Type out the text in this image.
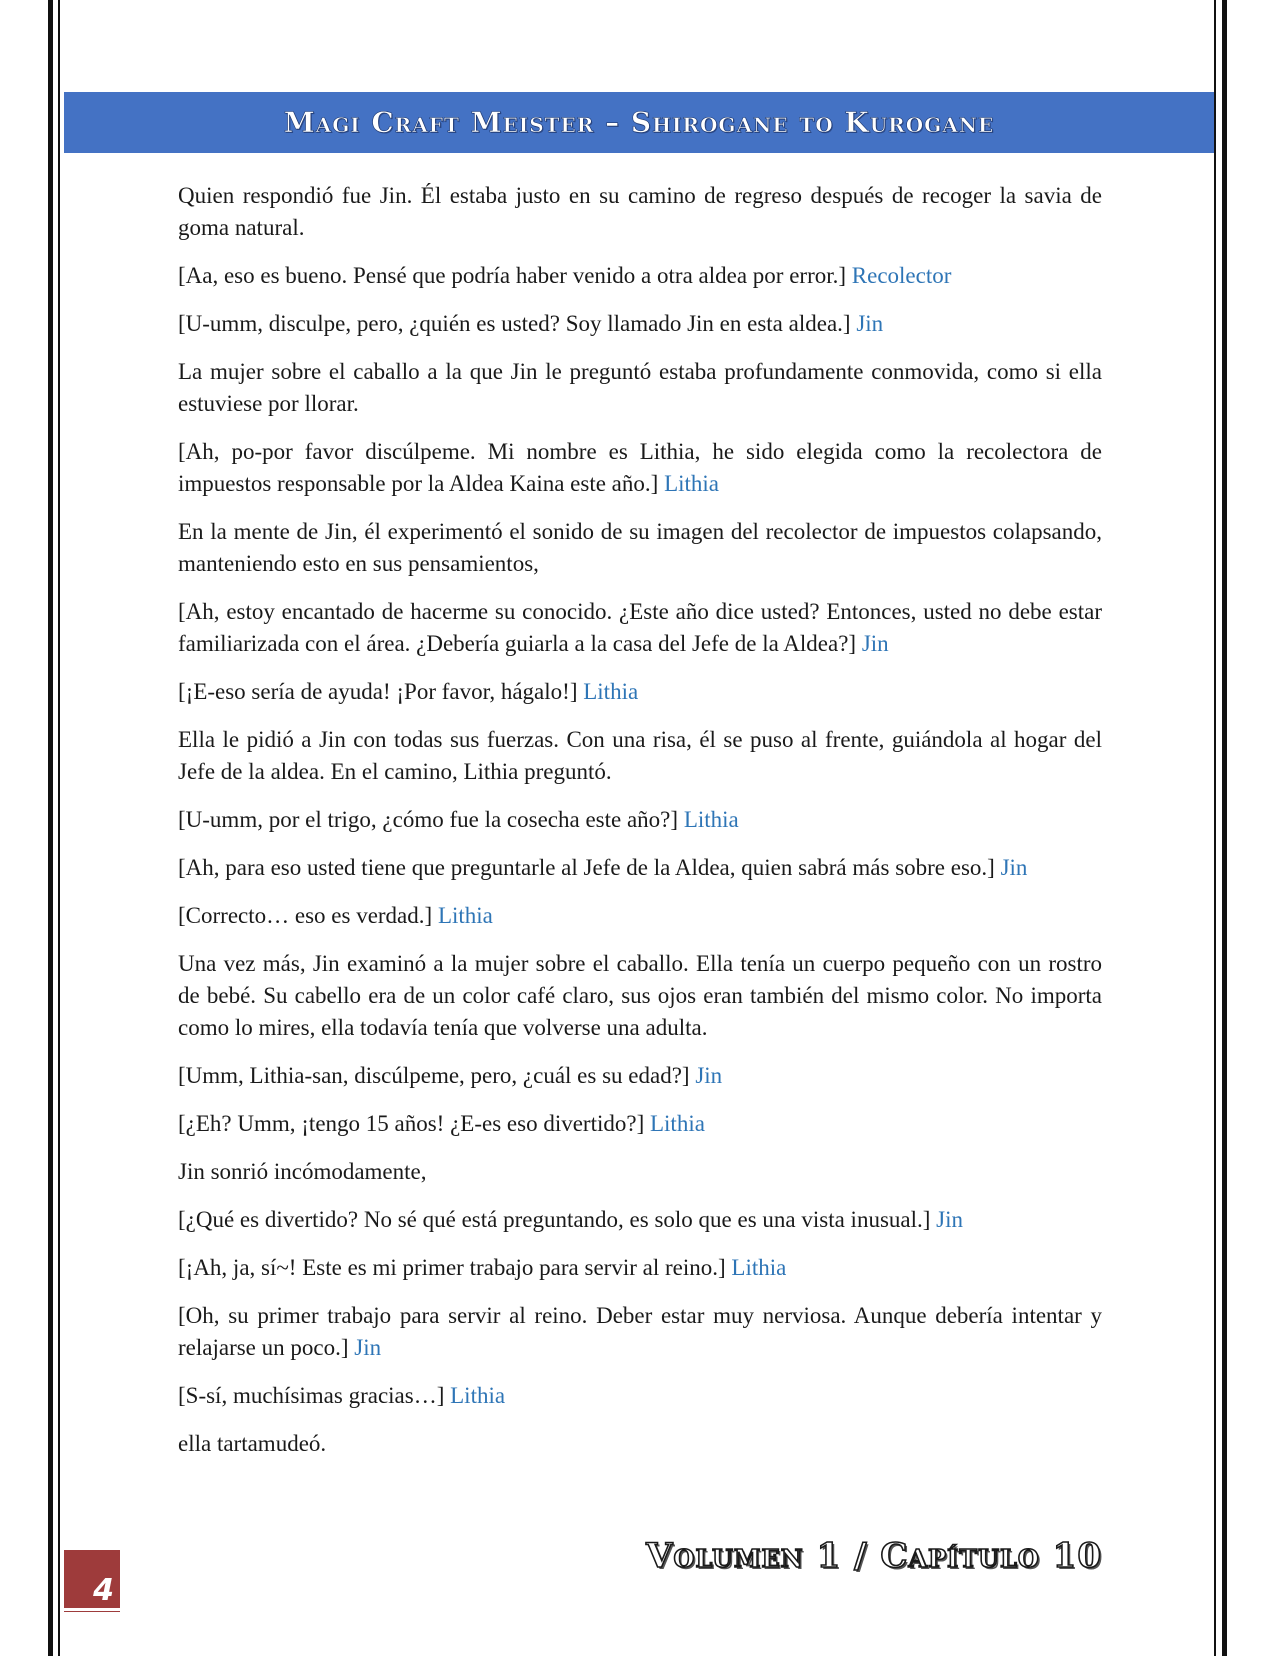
Magi Craft Meister – Shirogane to Kurogane

Quien respondió fue Jin. Él estaba justo en su camino de regreso después de recoger la savia de goma natural.

[Aa, eso es bueno. Pensé que podría haber venido a otra aldea por error.] Recolector

[U-umm, disculpe, pero, ¿quién es usted? Soy llamado Jin en esta aldea.] Jin

La mujer sobre el caballo a la que Jin le preguntó estaba profundamente conmovida, como si ella estuviese por llorar.

[Ah, po-por favor discúlpeme. Mi nombre es Lithia, he sido elegida como la recolectora de impuestos responsable por la Aldea Kaina este año.] Lithia

En la mente de Jin, él experimentó el sonido de su imagen del recolector de impuestos colapsando, manteniendo esto en sus pensamientos,

[Ah, estoy encantado de hacerme su conocido. ¿Este año dice usted? Entonces, usted no debe estar familiarizada con el área. ¿Debería guiarla a la casa del Jefe de la Aldea?] Jin

[¡E-eso sería de ayuda! ¡Por favor, hágalo!] Lithia

Ella le pidió a Jin con todas sus fuerzas. Con una risa, él se puso al frente, guiándola al hogar del Jefe de la aldea. En el camino, Lithia preguntó.

[U-umm, por el trigo, ¿cómo fue la cosecha este año?] Lithia

[Ah, para eso usted tiene que preguntarle al Jefe de la Aldea, quien sabrá más sobre eso.] Jin

[Correcto… eso es verdad.] Lithia

Una vez más, Jin examinó a la mujer sobre el caballo. Ella tenía un cuerpo pequeño con un rostro de bebé. Su cabello era de un color café claro, sus ojos eran también del mismo color. No importa como lo mires, ella todavía tenía que volverse una adulta.

[Umm, Lithia-san, discúlpeme, pero, ¿cuál es su edad?] Jin

[¿Eh? Umm, ¡tengo 15 años! ¿E-es eso divertido?] Lithia

Jin sonrió incómodamente,

[¿Qué es divertido? No sé qué está preguntando, es solo que es una vista inusual.] Jin

[¡Ah, ja, sí~! Este es mi primer trabajo para servir al reino.] Lithia

[Oh, su primer trabajo para servir al reino. Deber estar muy nerviosa. Aunque debería intentar y relajarse un poco.] Jin

[S-sí, muchísimas gracias…] Lithia

ella tartamudeó.

Volumen 1 / Capítulo 10
4
